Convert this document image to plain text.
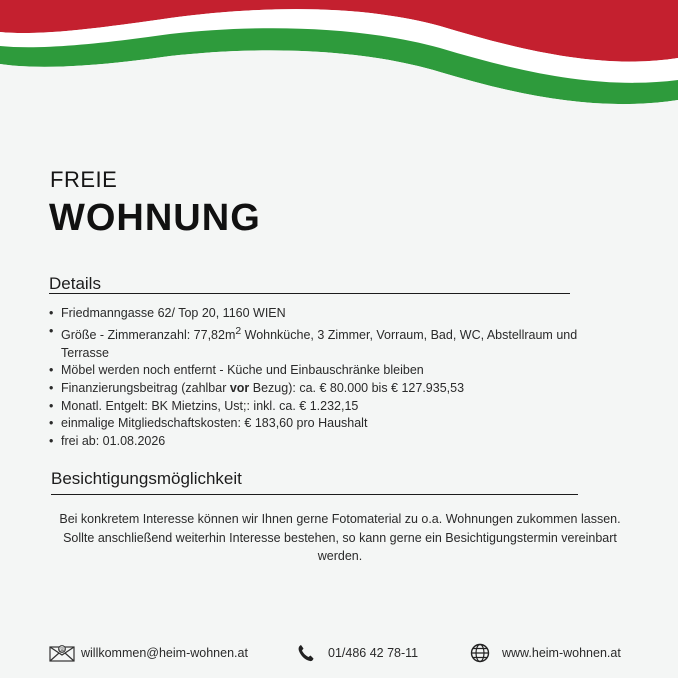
FREIE
WOHNUNG
Details
• Friedmanngasse 62/ Top 20, 1160 WIEN
• Größe - Zimmeranzahl: $77,82m^2$ Wohnküche, 3 Zimmer, Vorraum, Bad, WC, Abstellraum und Terrasse
• Möbel werden noch entfernt - Küche und Einbauschränke bleiben
• Finanzierungsbeitrag (zahlbar vor Bezug): ca. € 80.000 bis € 127.935,53
• Monatl. Entgelt: BK Mietzins, Ust;: inkl. ca. € 1.232,15
• einmalige Mitgliedschaftskosten: € 183,60 pro Haushalt
• frei ab: 01.08.2026
Besichtigungsmöglichkeit

Bei konkretem Interesse können wir Ihnen gerne Fotomaterial zu o.a. Wohnungen zukommen lassen.

Sollte anschließend weiterhin Interesse bestehen, so kann gerne ein Besichtigungstermin vereinbart werden.

@ willkommen@heim-wohnen.at	01/486 42 78-11	www.heim-wohnen.at
